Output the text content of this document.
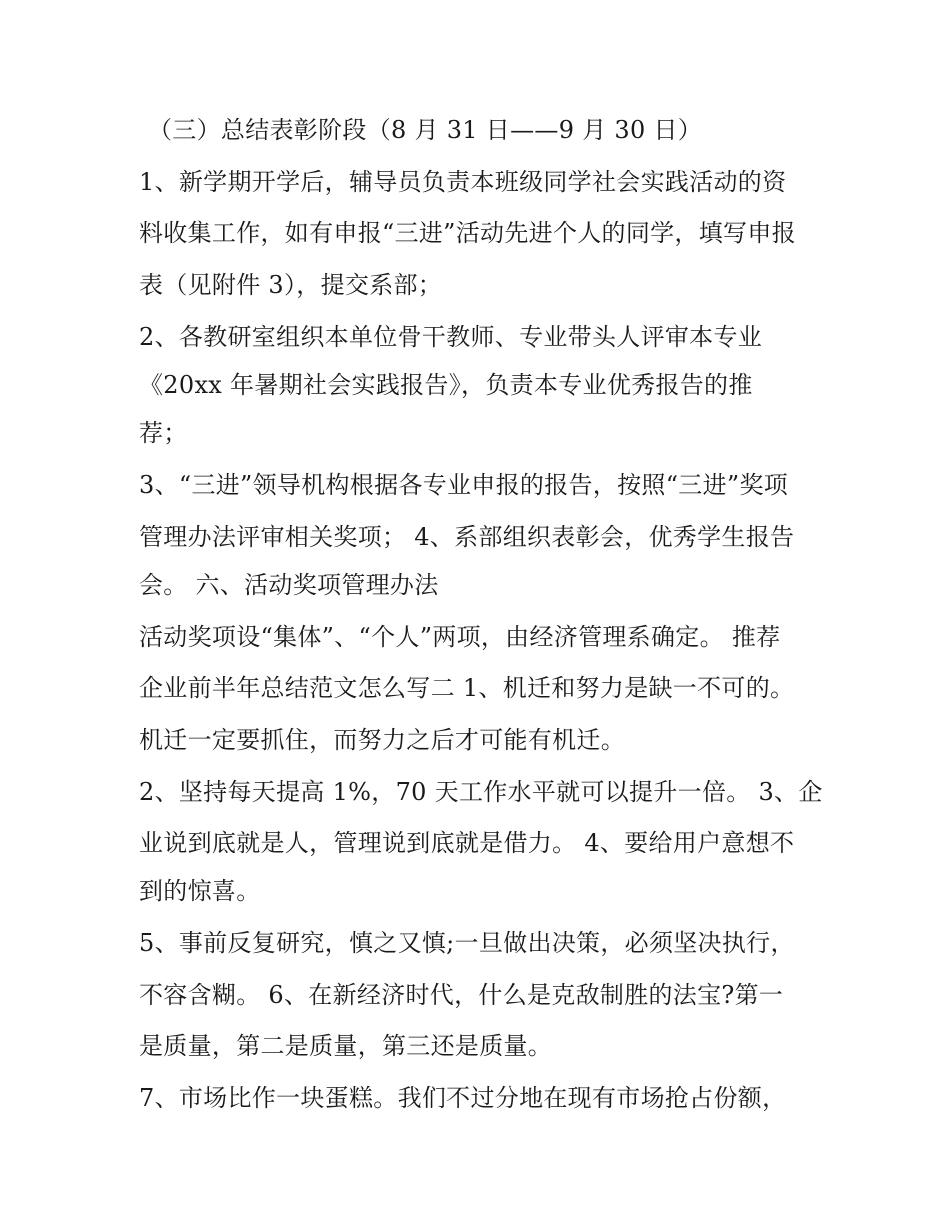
（三）总结表彰阶段（8 月 31 日——9 月 30 日）
1、新学期开学后，辅导员负责本班级同学社会实践活动的资
料收集工作，如有申报“三进”活动先进个人的同学，填写申报
表（见附件 3），提交系部；
2、各教研室组织本单位骨干教师、专业带头人评审本专业
《20xx 年暑期社会实践报告》，负责本专业优秀报告的推
荐；
3、“三进”领导机构根据各专业申报的报告，按照“三进”奖项
管理办法评审相关奖项； 4、系部组织表彰会，优秀学生报告
会。 六、活动奖项管理办法
活动奖项设“集体”、“个人”两项，由经济管理系确定。 推荐
企业前半年总结范文怎么写二 1、机迁和努力是缺一不可的。
机迁一定要抓住，而努力之后才可能有机迁。
2、坚持每天提高 1%，70 天工作水平就可以提升一倍。 3、企
业说到底就是人，管理说到底就是借力。 4、要给用户意想不
到的惊喜。
5、事前反复研究，慎之又慎;一旦做出决策，必须坚决执行，
不容含糊。 6、在新经济时代，什么是克敌制胜的法宝?第一
是质量，第二是质量，第三还是质量。
7、市场比作一块蛋糕。我们不过分地在现有市场抢占份额，
